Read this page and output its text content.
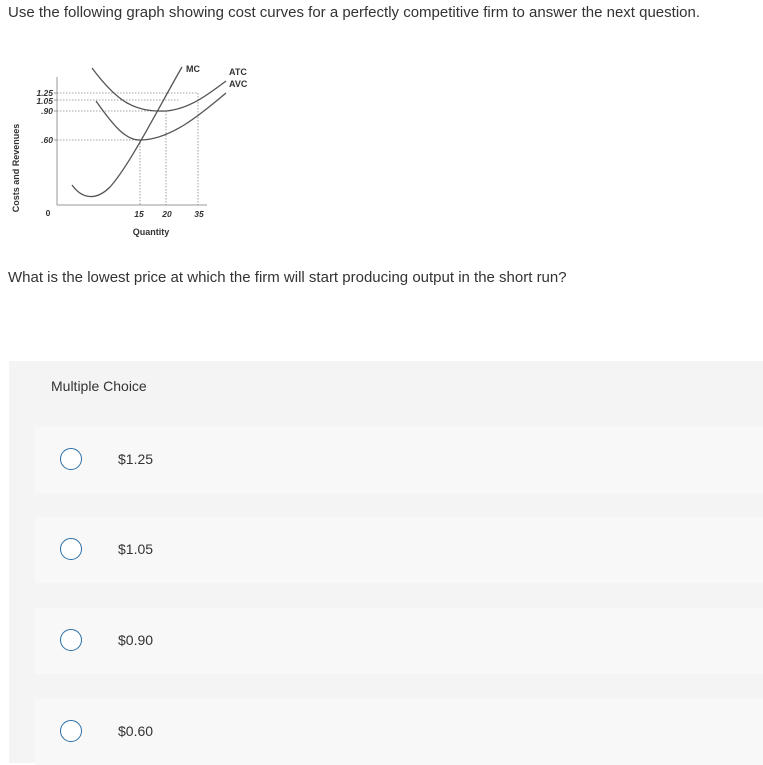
Use the following graph showing cost curves for a perfectly competitive firm to answer the next question.
Costs and Revenues
MC	ATC
AVC
1.25
1.05
.90
.60
0	15 20	35
Quantity
What is the lowest price at which the firm will start producing output in the short run?
Multiple Choice
$1.25
$1.05
$0.90
$0.60
